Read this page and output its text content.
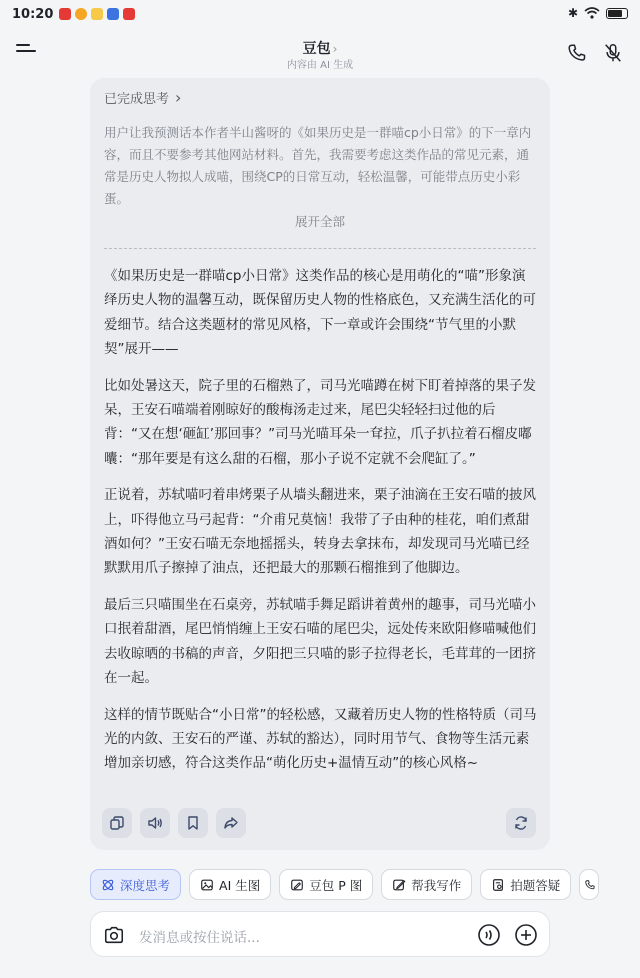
10:20	✱
豆包 ›
内容由 AI 生成
已完成思考 ›
用户让我预测话本作者半山酱呀的《如果历史是一群喵cp小日常》的下一章内容，而且不要参考其他网站材料。首先，我需要考虑这类作品的常见元素，通常是历史人物拟人成喵，围绕CP的日常互动，轻松温馨，可能带点历史小彩蛋。
展开全部

《如果历史是一群喵cp小日常》这类作品的核心是用萌化的“喵”形象演绎历史人物的温馨互动，既保留历史人物的性格底色，又充满生活化的可爱细节。结合这类题材的常见风格，下一章或许会围绕“节气里的小默契”展开——

比如处暑这天，院子里的石榴熟了，司马光喵蹲在树下盯着掉落的果子发呆，王安石喵端着刚晾好的酸梅汤走过来，尾巴尖轻轻扫过他的后背：“又在想‘砸缸’那回事？”司马光喵耳朵一耷拉，爪子扒拉着石榴皮嘟囔：“那年要是有这么甜的石榴，那小子说不定就不会爬缸了。”

正说着，苏轼喵叼着串烤栗子从墙头翻进来，栗子油滴在王安石喵的披风上，吓得他立马弓起背：“介甫兄莫恼！我带了子由种的桂花，咱们煮甜酒如何？”王安石喵无奈地摇摇头，转身去拿抹布，却发现司马光喵已经默默用爪子擦掉了油点，还把最大的那颗石榴推到了他脚边。

最后三只喵围坐在石桌旁，苏轼喵手舞足蹈讲着黄州的趣事，司马光喵小口抿着甜酒，尾巴悄悄缠上王安石喵的尾巴尖，远处传来欧阳修喵喊他们去收晾晒的书稿的声音，夕阳把三只喵的影子拉得老长，毛茸茸的一团挤在一起。

这样的情节既贴合“小日常”的轻松感，又藏着历史人物的性格特质（司马光的内敛、王安石的严谨、苏轼的豁达），同时用节气、食物等生活元素增加亲切感，符合这类作品“萌化历史+温情互动”的核心风格~

深度思考	AI 生图	豆包 P 图	帮我写作	拍题答疑
发消息或按住说话...
